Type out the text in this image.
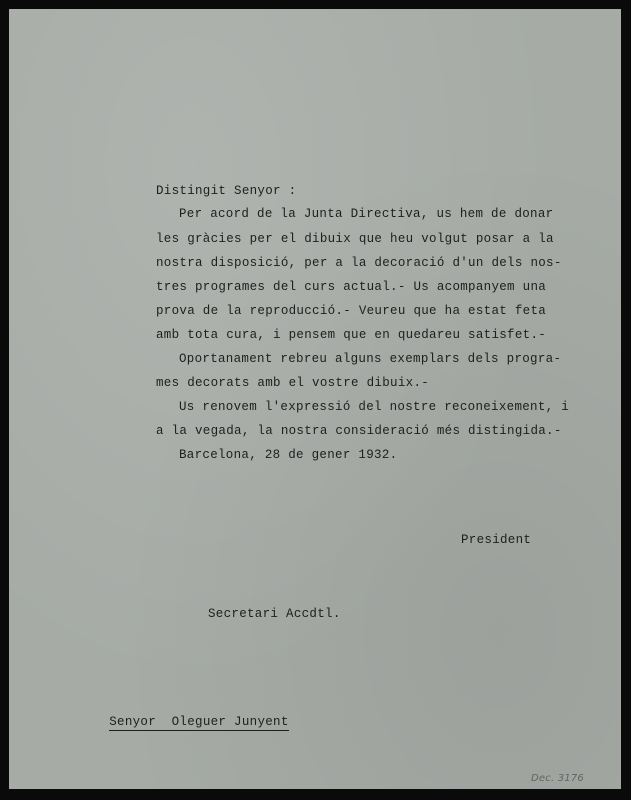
Distingit Senyor :

Per acord de la Junta Directiva, us hem de donar

les gràcies per el dibuix que heu volgut posar a la

nostra disposició, per a la decoració d'un dels nos-

tres programes del curs actual.- Us acompanyem una

prova de la reproducció.- Veureu que ha estat feta

amb tota cura, i pensem que en quedareu satisfet.-

Oportanament rebreu alguns exemplars dels progra-

mes decorats amb el vostre dibuix.-

Us renovem l'expressió del nostre reconeixement, i

a la vegada, la nostra consideració més distingida.-

Barcelona, 28 de gener 1932.

President

Secretari Accdtl.

Senyor  Oleguer Junyent

Dec. 3176
